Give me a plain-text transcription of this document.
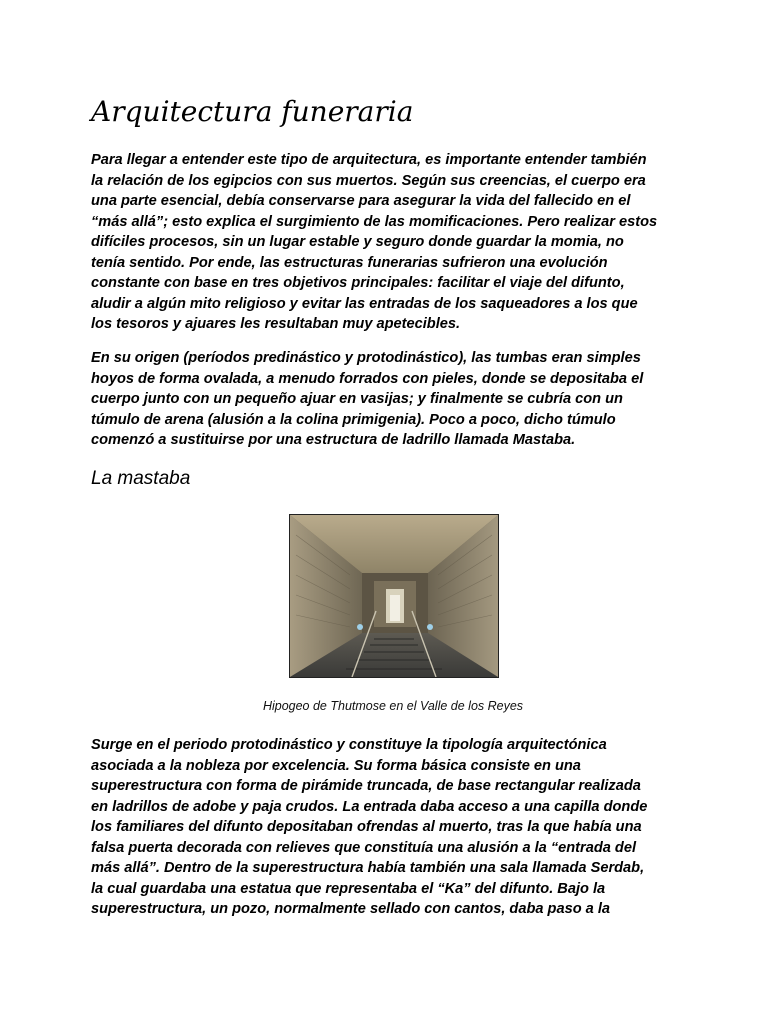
Arquitectura funeraria
Para llegar a entender este tipo de arquitectura, es importante entender también
la relación de los egipcios con sus muertos. Según sus creencias, el cuerpo era
una parte esencial, debía conservarse para asegurar la vida del fallecido en el
“más allá”; esto explica el surgimiento de las momificaciones. Pero realizar estos
difíciles procesos, sin un lugar estable y seguro donde guardar la momia, no
tenía sentido. Por ende, las estructuras funerarias sufrieron una evolución
constante con base en tres objetivos principales: facilitar el viaje del difunto,
aludir a algún mito religioso y evitar las entradas de los saqueadores a los que
los tesoros y ajuares les resultaban muy apetecibles.
En su origen (períodos predinástico y protodinástico), las tumbas eran simples
hoyos de forma ovalada, a menudo forrados con pieles, donde se depositaba el
cuerpo junto con un pequeño ajuar en vasijas; y finalmente se cubría con un
túmulo de arena (alusión a la colina primigenia). Poco a poco, dicho túmulo
comenzó a sustituirse por una estructura de ladrillo llamada Mastaba.
La mastaba

Hipogeo de Thutmose en el Valle de los Reyes

Surge en el periodo protodinástico y constituye la tipología arquitectónica
asociada a la nobleza por excelencia. Su forma básica consiste en una
superestructura con forma de pirámide truncada, de base rectangular realizada
en ladrillos de adobe y paja crudos. La entrada daba acceso a una capilla donde
los familiares del difunto depositaban ofrendas al muerto, tras la que había una
falsa puerta decorada con relieves que constituía una alusión a la “entrada del
más allá”. Dentro de la superestructura había también una sala llamada Serdab,
la cual guardaba una estatua que representaba el “Ka” del difunto. Bajo la
superestructura, un pozo, normalmente sellado con cantos, daba paso a la
